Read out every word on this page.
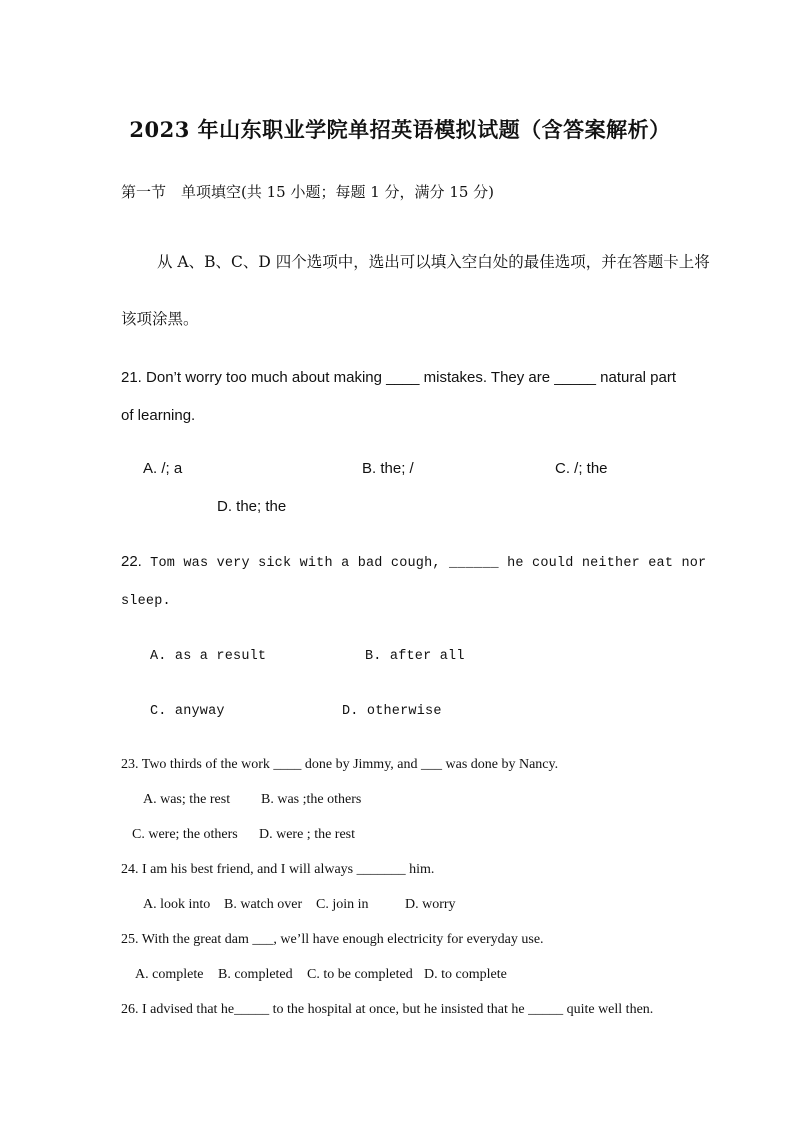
2023 年山东职业学院单招英语模拟试题（含答案解析）
第一节　单项填空(共 15 小题；每题 1 分，满分 15 分)
从 A、B、C、D 四个选项中，选出可以填入空白处的最佳选项，并在答题卡上将
该项涂黑。
21. Don’t worry too much about making ____ mistakes. They are _____ natural part
of learning.
A. /; a	B. the; /	C. /; the
D. the; the
22. Tom was very sick with a bad cough, ______ he could neither eat nor
sleep.
A. as a result	B. after all
C. anyway	D. otherwise
23. Two thirds of the work ____ done by Jimmy, and ___ was done by Nancy.
A. was; the rest B. was ;the others
C. were; the others D. were ; the rest
24. I am his best friend, and I will always _______ him.
A. look into B. watch over C. join in	D. worry
25. With the great dam ___, we’ll have enough electricity for everyday use.
A. complete B. completed C. to be completed D. to complete
26. I advised that he_____ to the hospital at once, but he insisted that he _____ quite well then.
